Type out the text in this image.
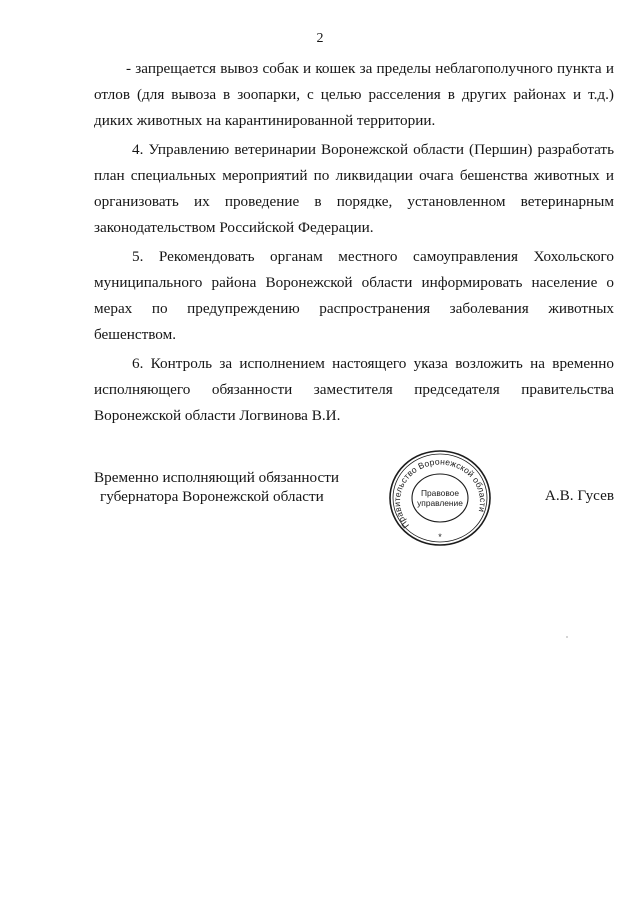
2

- запрещается вывоз собак и кошек за пределы неблагополучного пункта и отлов (для вывоза в зоопарки, с целью расселения в других районах и т.д.) диких животных на карантинированной территории.

4. Управлению ветеринарии Воронежской области (Першин) разработать план специальных мероприятий по ликвидации очага бешенства животных и организовать их проведение в порядке, установленном ветеринарным законодательством Российской Федерации.

5. Рекомендовать органам местного самоуправления Хохольского муниципального района Воронежской области информировать население о мерах по предупреждению распространения заболевания животных бешенством.

6. Контроль за исполнением настоящего указа возложить на временно исполняющего обязанности заместителя председателя правительства Воронежской области Логвинова В.И.

Временно исполняющий обязанности
губернатора Воронежской области
Правительство Воронежской области
Правовое
управление
*
А.В. Гусев
